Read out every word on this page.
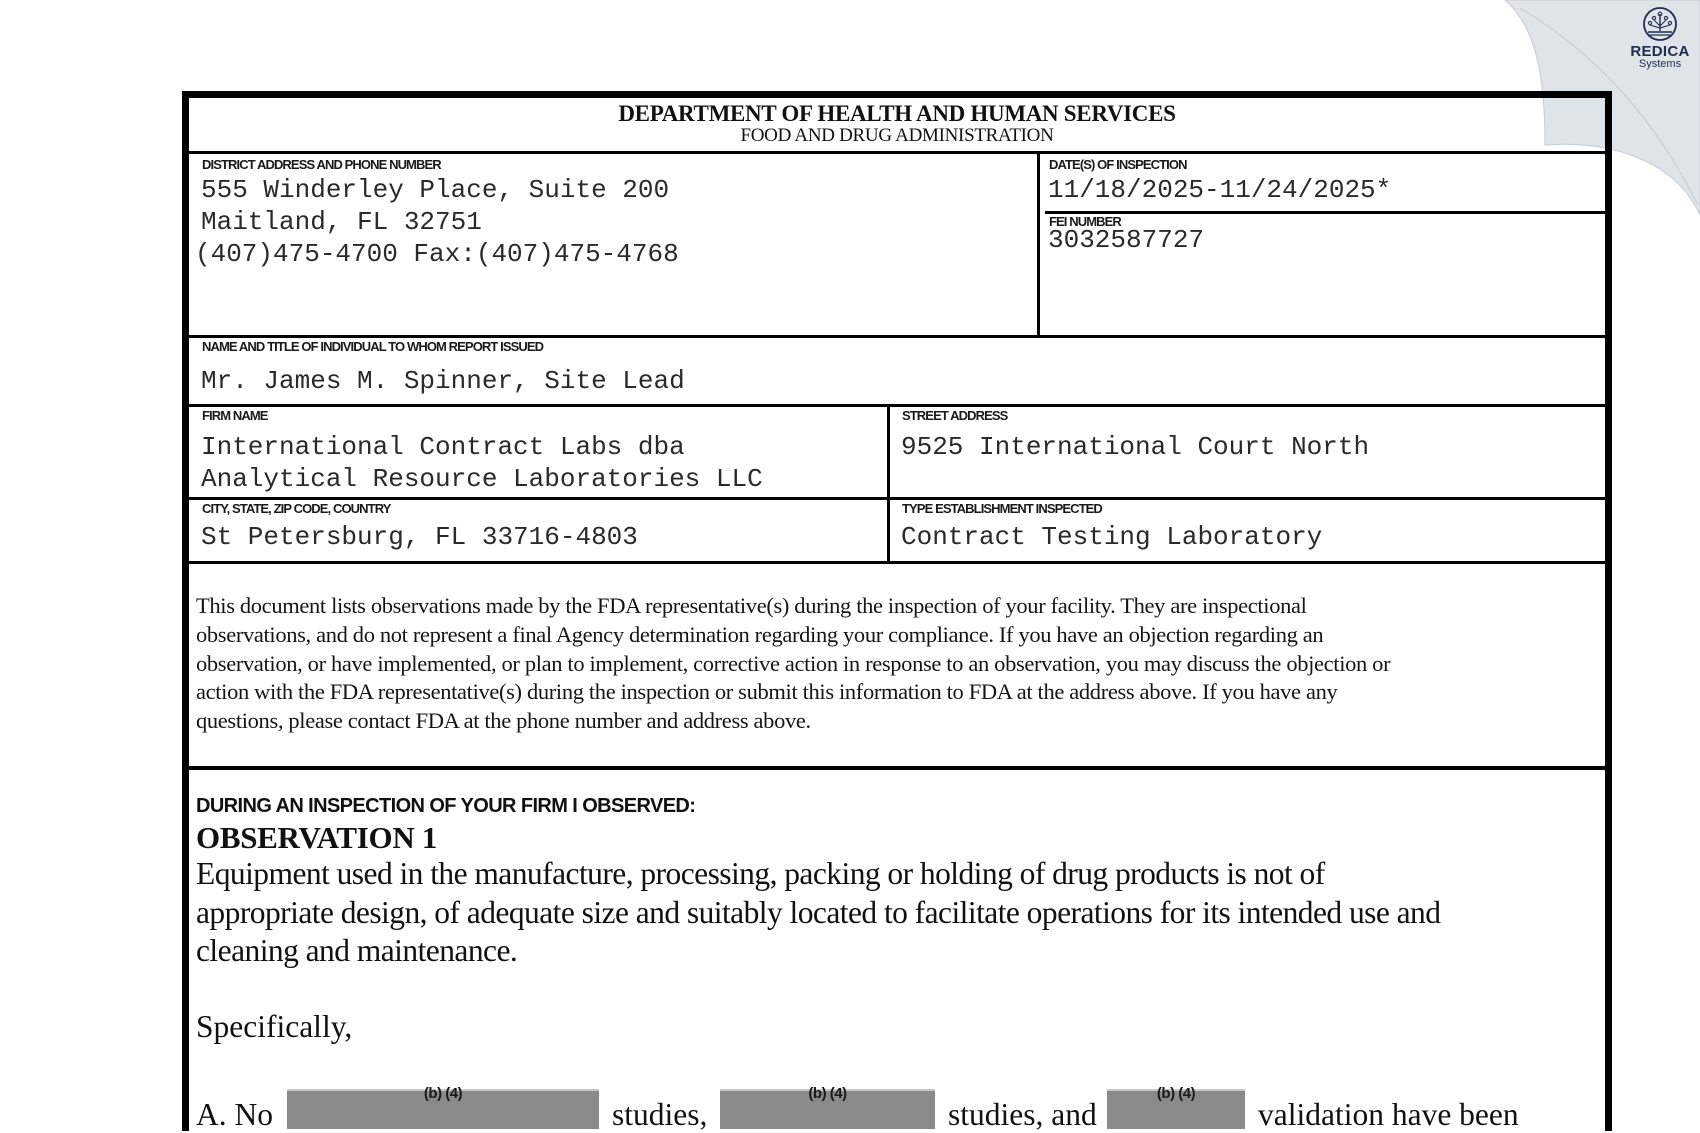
REDICA
Systems
DEPARTMENT OF HEALTH AND HUMAN SERVICES
FOOD AND DRUG ADMINISTRATION
DISTRICT ADDRESS AND PHONE NUMBER
555 Winderley Place, Suite 200
Maitland, FL 32751
(407)475-4700 Fax:(407)475-4768
DATE(S) OF INSPECTION
11/18/2025-11/24/2025*
FEI NUMBER
3032587727
NAME AND TITLE OF INDIVIDUAL TO WHOM REPORT ISSUED
Mr. James M. Spinner, Site Lead
FIRM NAME
International Contract Labs dba
Analytical Resource Laboratories LLC
STREET ADDRESS
9525 International Court North
CITY, STATE, ZIP CODE, COUNTRY
St Petersburg, FL 33716-4803
TYPE ESTABLISHMENT INSPECTED
Contract Testing Laboratory
This document lists observations made by the FDA representative(s) during the inspection of your facility. They are inspectional
observations, and do not represent a final Agency determination regarding your compliance. If you have an objection regarding an
observation, or have implemented, or plan to implement, corrective action in response to an observation, you may discuss the objection or
action with the FDA representative(s) during the inspection or submit this information to FDA at the address above. If you have any
questions, please contact FDA at the phone number and address above.
DURING AN INSPECTION OF YOUR FIRM I OBSERVED:
OBSERVATION 1
Equipment used in the manufacture, processing, packing or holding of drug products is not of
appropriate design, of adequate size and suitably located to facilitate operations for its intended use and
cleaning and maintenance.
Specifically,
A. No
(b) (4)
studies,
(b) (4)
studies, and
(b) (4)
validation have been
